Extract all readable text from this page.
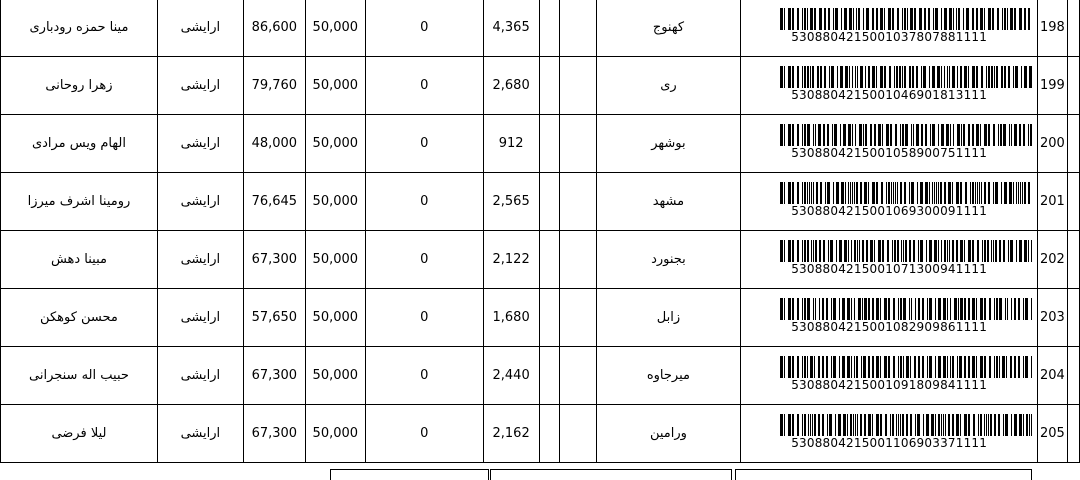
مینا حمزه رودباری	ارایشی	86,600	50,000	0	4,365			کهنوج	5308804215001037807881111	198	
زهرا روحانی	ارایشی	79,760	50,000	0	2,680			ری	5308804215001046901813111	199	
الهام ویس مرادی	ارایشی	48,000	50,000	0	912			بوشهر	5308804215001058900751111	200	
رومینا اشرف میرزا	ارایشی	76,645	50,000	0	2,565			مشهد	5308804215001069300091111	201	
مبینا دهش	ارایشی	67,300	50,000	0	2,122			بجنورد	5308804215001071300941111	202	
محسن کوهکن	ارایشی	57,650	50,000	0	1,680			زابل	5308804215001082909861111	203	
حبیب اله سنجرانی	ارایشی	67,300	50,000	0	2,440			میرجاوه	5308804215001091809841111	204	
لیلا فرضی	ارایشی	67,300	50,000	0	2,162			ورامین	5308804215001106903371111	205	
